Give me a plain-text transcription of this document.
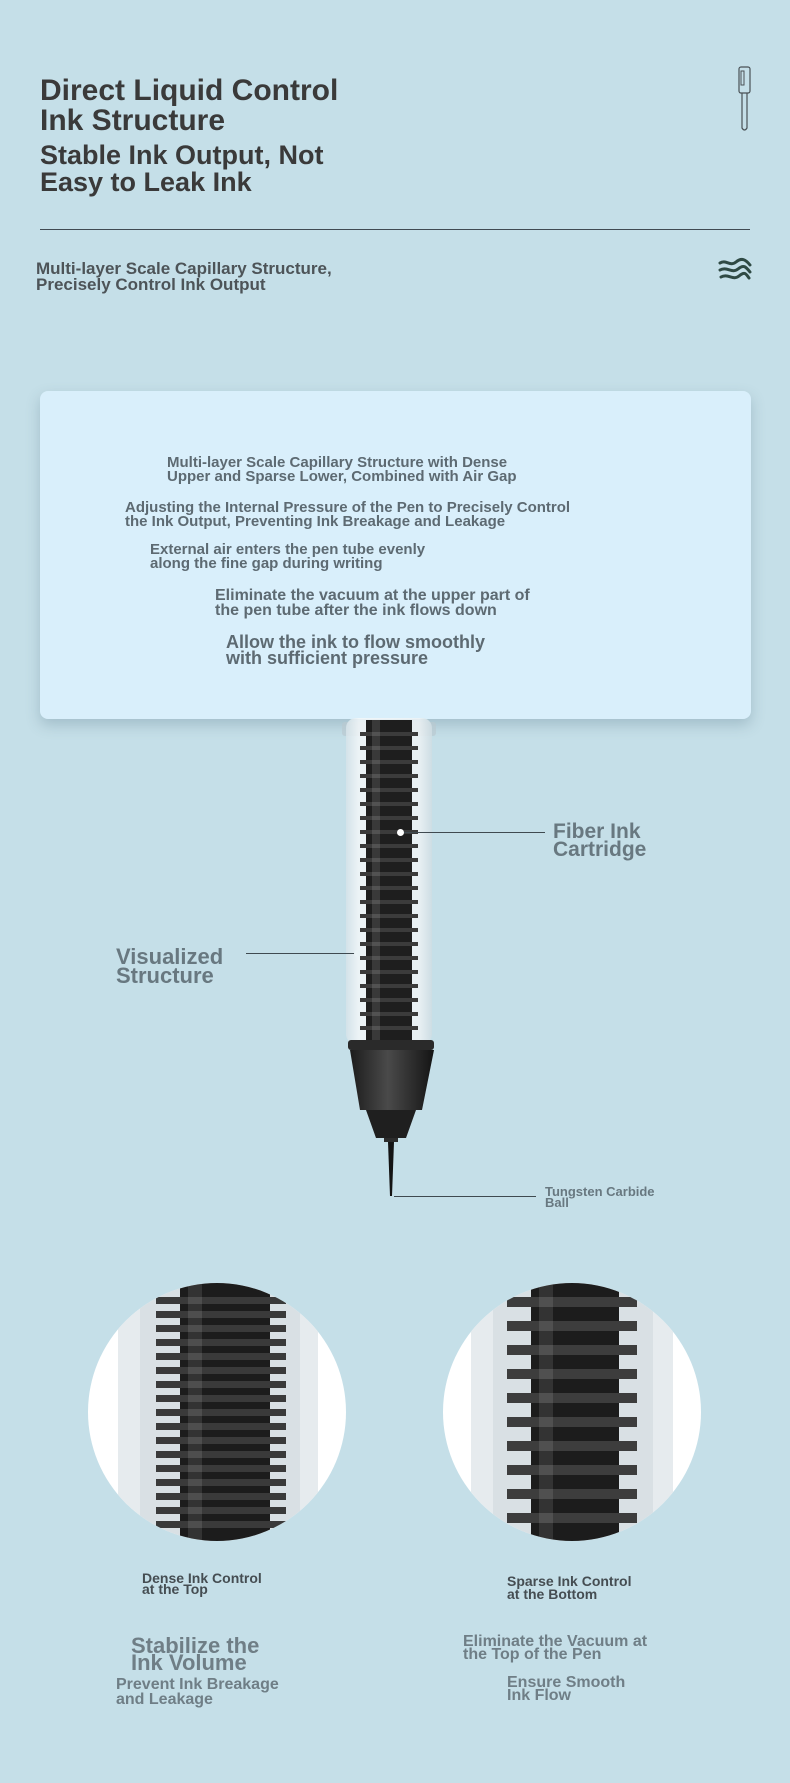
Direct Liquid Control
Ink Structure
Stable Ink Output, Not
Easy to Leak Ink
Multi-layer Scale Capillary Structure,
Precisely Control Ink Output
Multi-layer Scale Capillary Structure with Dense
Upper and Sparse Lower, Combined with Air Gap
Adjusting the Internal Pressure of the Pen to Precisely Control
the Ink Output, Preventing Ink Breakage and Leakage
External air enters the pen tube evenly
along the fine gap during writing
Eliminate the vacuum at the upper part of
the pen tube after the ink flows down
Allow the ink to flow smoothly
with sufficient pressure
Fiber Ink
Cartridge
Visualized
Structure
Tungsten Carbide
Ball
Dense Ink Control
at the Top
Stabilize the
Ink Volume
Prevent Ink Breakage
and Leakage
Sparse Ink Control
at the Bottom
Eliminate the Vacuum at
the Top of the Pen
Ensure Smooth
Ink Flow
